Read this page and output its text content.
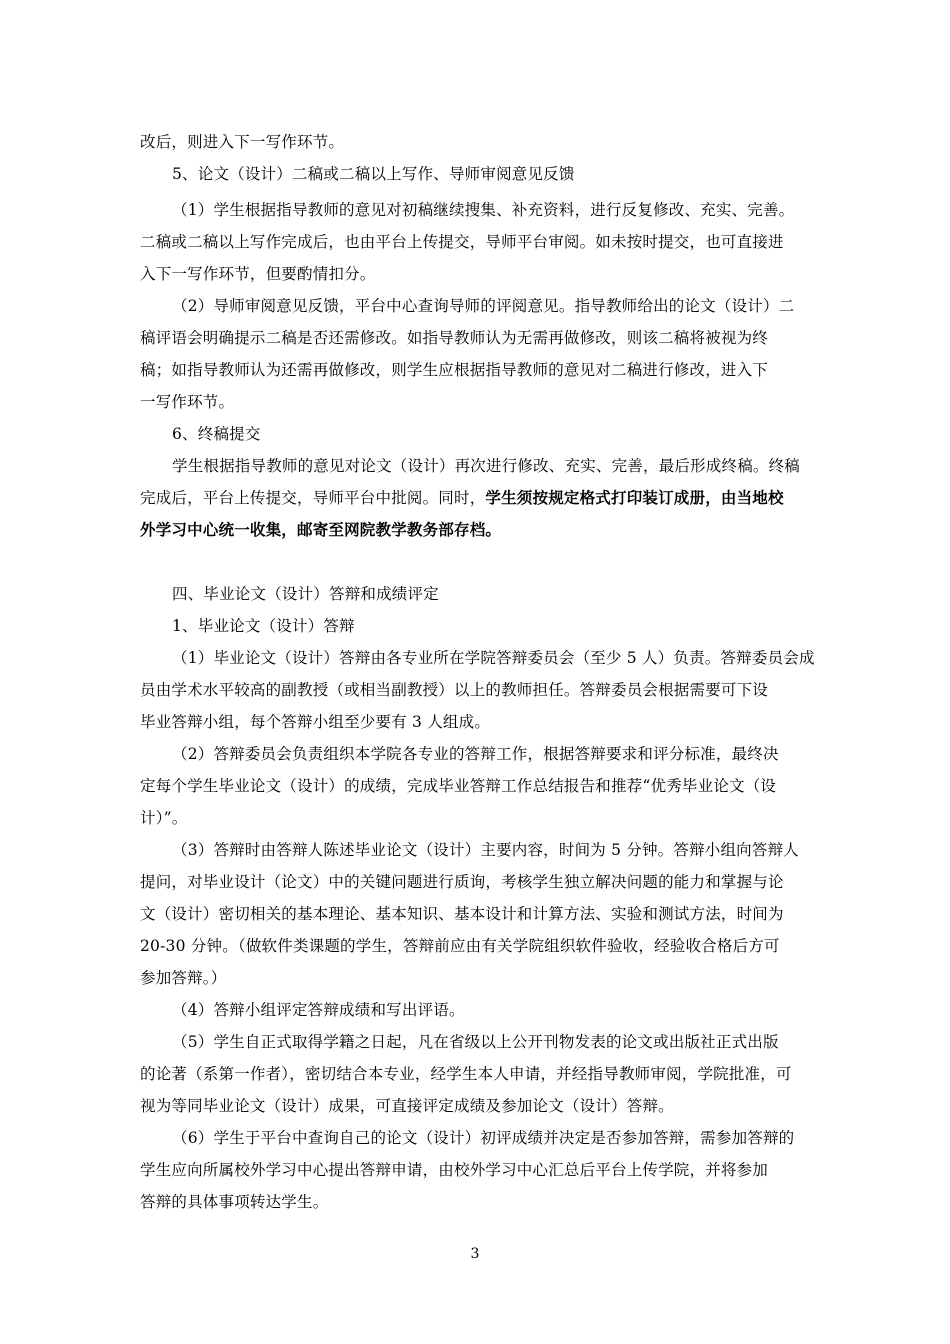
改后，则进入下一写作环节。
5、论文（设计）二稿或二稿以上写作、导师审阅意见反馈
（1）学生根据指导教师的意见对初稿继续搜集、补充资料，进行反复修改、充实、完善。
二稿或二稿以上写作完成后，也由平台上传提交，导师平台审阅。如未按时提交，也可直接进
入下一写作环节，但要酌情扣分。
（2）导师审阅意见反馈，平台中心查询导师的评阅意见。指导教师给出的论文（设计）二
稿评语会明确提示二稿是否还需修改。如指导教师认为无需再做修改，则该二稿将被视为终
稿；如指导教师认为还需再做修改，则学生应根据指导教师的意见对二稿进行修改，进入下
一写作环节。
6、终稿提交
学生根据指导教师的意见对论文（设计）再次进行修改、充实、完善，最后形成终稿。终稿
完成后，平台上传提交，导师平台中批阅。同时，学生须按规定格式打印装订成册，由当地校
外学习中心统一收集，邮寄至网院教学教务部存档。
四、毕业论文（设计）答辩和成绩评定
1、毕业论文（设计）答辩
（1）毕业论文（设计）答辩由各专业所在学院答辩委员会（至少 5 人）负责。答辩委员会成
员由学术水平较高的副教授（或相当副教授）以上的教师担任。答辩委员会根据需要可下设
毕业答辩小组，每个答辩小组至少要有 3 人组成。
（2）答辩委员会负责组织本学院各专业的答辩工作，根据答辩要求和评分标准，最终决
定每个学生毕业论文（设计）的成绩，完成毕业答辩工作总结报告和推荐“优秀毕业论文（设
计）”。
（3）答辩时由答辩人陈述毕业论文（设计）主要内容，时间为 5 分钟。答辩小组向答辩人
提问，对毕业设计（论文）中的关键问题进行质询，考核学生独立解决问题的能力和掌握与论
文（设计）密切相关的基本理论、基本知识、基本设计和计算方法、实验和测试方法，时间为
20-30 分钟。（做软件类课题的学生，答辩前应由有关学院组织软件验收，经验收合格后方可
参加答辩。）
（4）答辩小组评定答辩成绩和写出评语。
（5）学生自正式取得学籍之日起，凡在省级以上公开刊物发表的论文或出版社正式出版
的论著（系第一作者），密切结合本专业，经学生本人申请，并经指导教师审阅，学院批准，可
视为等同毕业论文（设计）成果，可直接评定成绩及参加论文（设计）答辩。
（6）学生于平台中查询自己的论文（设计）初评成绩并决定是否参加答辩，需参加答辩的
学生应向所属校外学习中心提出答辩申请，由校外学习中心汇总后平台上传学院，并将参加
答辩的具体事项转达学生。
3
